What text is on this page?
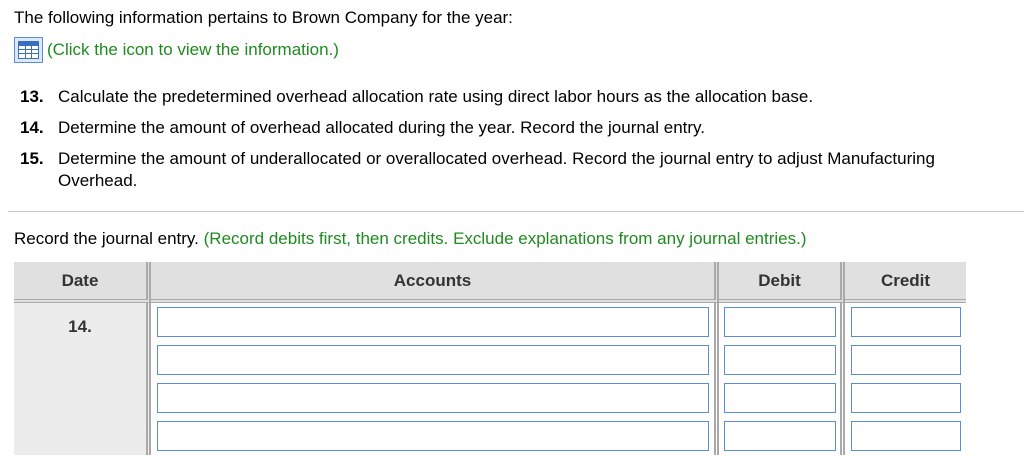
The following information pertains to Brown Company for the year:
(Click the icon to view the information.)
13. Calculate the predetermined overhead allocation rate using direct labor hours as the allocation base.
14. Determine the amount of overhead allocated during the year. Record the journal entry.
15. Determine the amount of underallocated or overallocated overhead. Record the journal entry to adjust Manufacturing Overhead.
Record the journal entry. (Record debits first, then credits. Exclude explanations from any journal entries.)
Date	Accounts	Debit	Credit
14.	
